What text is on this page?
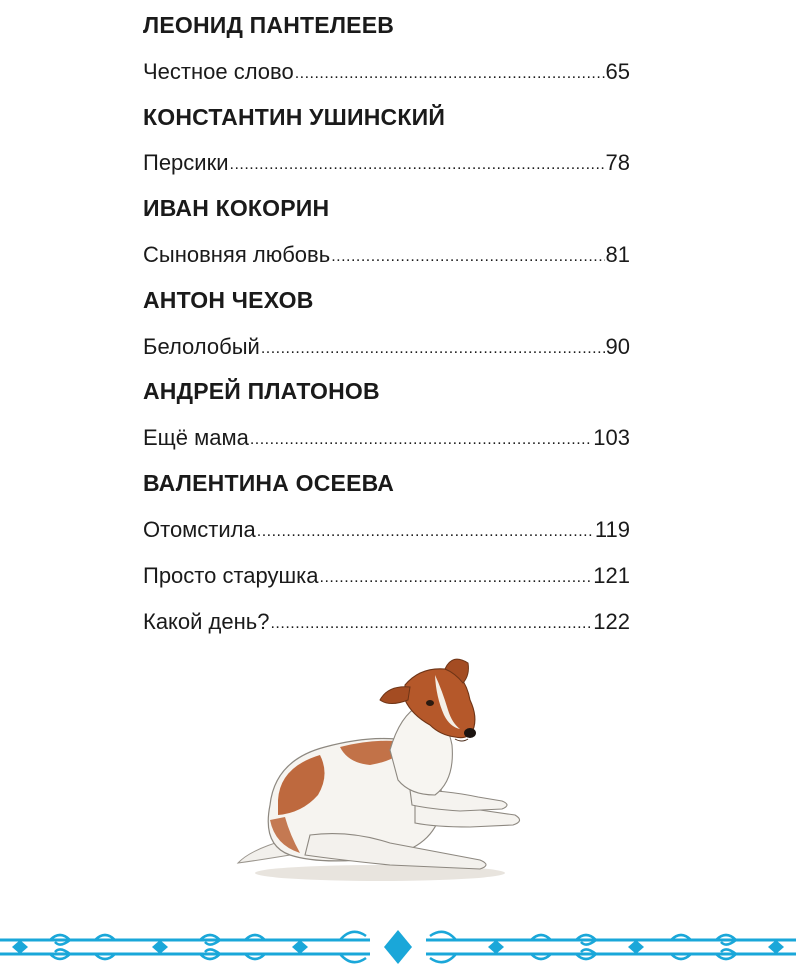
ЛЕОНИД ПАНТЕЛЕЕВ
Честное слово .....	65
КОНСТАНТИН УШИНСКИЙ
Персики .....	78
ИВАН КОКОРИН
Сыновняя любовь .....	81
АНТОН ЧЕХОВ
Белолобый .....	90
АНДРЕЙ ПЛАТОНОВ
Ещё мама .....	103
ВАЛЕНТИНА ОСЕЕВА
Отомстила .....	119
Просто старушка .....	121
Какой день? .....	122
